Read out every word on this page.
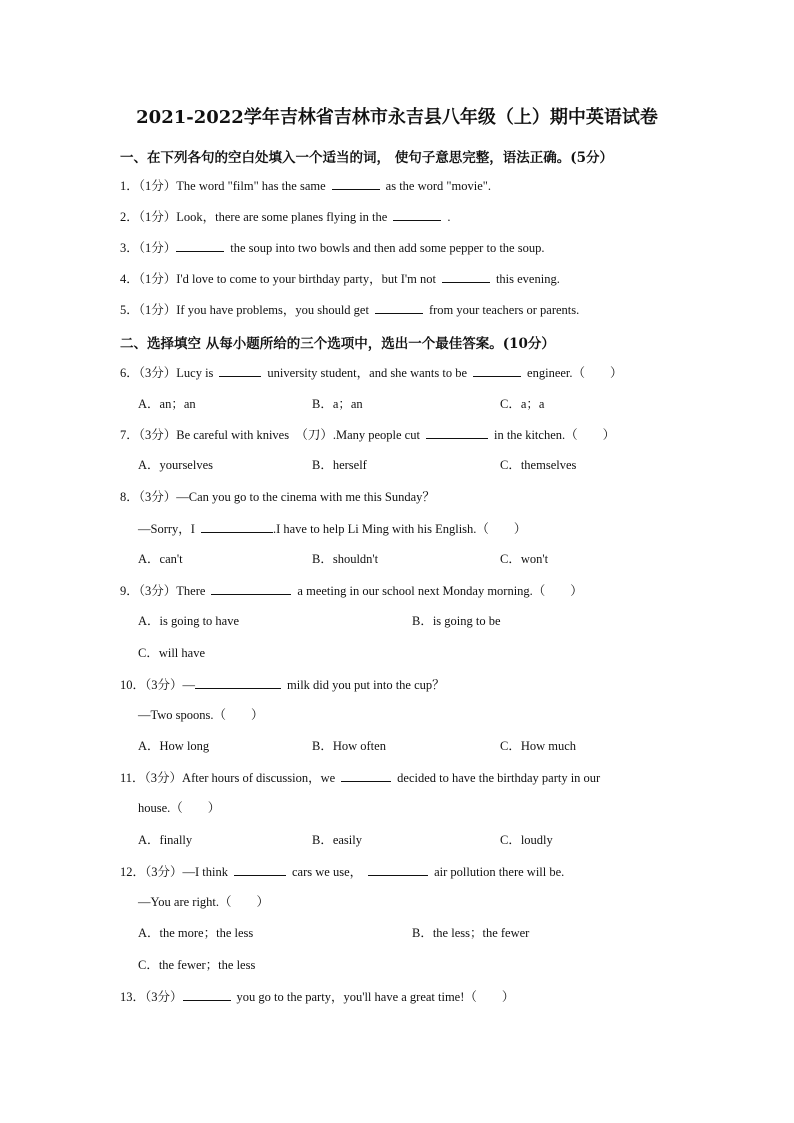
2021-2022学年吉林省吉林市永吉县八年级（上）期中英语试卷
一、在下列各句的空白处填入一个适当的词， 使句子意思完整，语法正确。(5分）
1．（1分）The word "film" has the same	as the word "movie".
2．（1分）Look，there are some planes flying in the	.
3．（1分）	the soup into two bowls and then add some pepper to the soup.
4．（1分）I'd love to come to your birthday party，but I'm not	this evening.
5．（1分）If you have problems，you should get	from your teachers or parents.
二、选择填空 从每小题所给的三个选项中，选出一个最佳答案。(10分）
6．（3分）Lucy is	university student，and she wants to be	engineer.（　　）
A．an；an	B．a；an	C．a；a
7．（3分）Be careful with knives　（刀）.Many people cut	in the kitchen.（　　）
A．yourselves	B．herself	C．themselves
8．（3分）—Can you go to the cinema with me this Sunday？
—Sorry，I	.I have to help Li Ming with his English.（　　）
A．can't	B．shouldn't	C．won't
9．（3分）There	a meeting in our school next Monday morning.（　　）
A．is going to have	B．is going to be
C．will have
10．（3分）—	milk did you put into the cup？
—Two spoons.（　　）
A．How long	B．How often	C．How much
11．（3分）After hours of discussion，we	decided to have the birthday party in our
house.（　　）
A．finally	B．easily	C．loudly
12．（3分）—I think	cars we use，	air pollution there will be.
—You are right.（　　）
A．the more；the less	B．the less；the fewer
C．the fewer；the less
13．（3分）	you go to the party，you'll have a great time!（　　）
